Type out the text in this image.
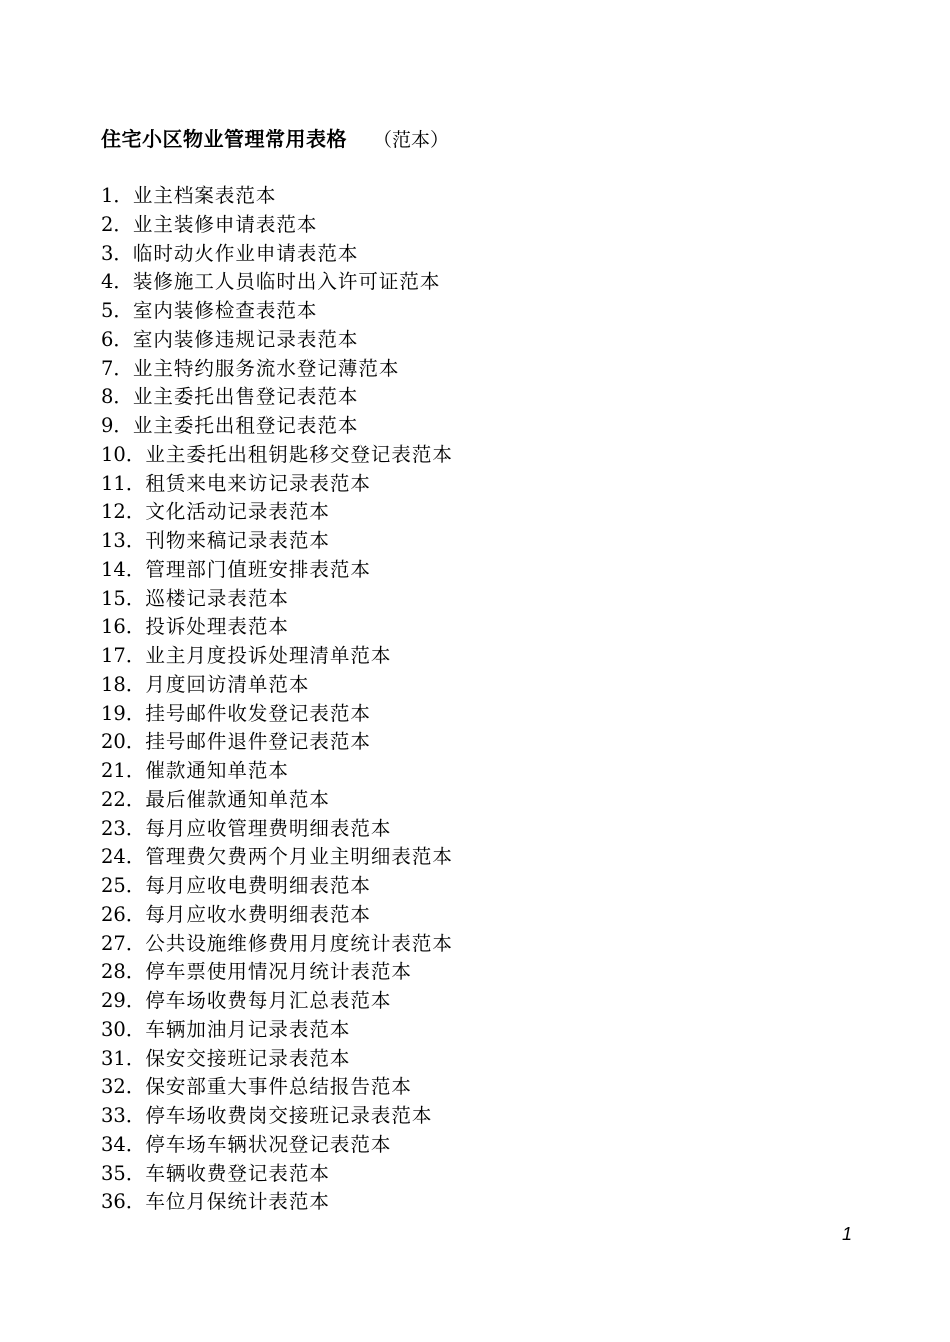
住宅小区物业管理常用表格 （范本）
1．业主档案表范本
2．业主装修申请表范本
3．临时动火作业申请表范本
4．装修施工人员临时出入许可证范本
5．室内装修检查表范本
6．室内装修违规记录表范本
7．业主特约服务流水登记薄范本
8．业主委托出售登记表范本
9．业主委托出租登记表范本
10．业主委托出租钥匙移交登记表范本
11．租赁来电来访记录表范本
12．文化活动记录表范本
13．刊物来稿记录表范本
14．管理部门值班安排表范本
15．巡楼记录表范本
16．投诉处理表范本
17．业主月度投诉处理清单范本
18．月度回访清单范本
19．挂号邮件收发登记表范本
20．挂号邮件退件登记表范本
21．催款通知单范本
22．最后催款通知单范本
23．每月应收管理费明细表范本
24．管理费欠费两个月业主明细表范本
25．每月应收电费明细表范本
26．每月应收水费明细表范本
27．公共设施维修费用月度统计表范本
28．停车票使用情况月统计表范本
29．停车场收费每月汇总表范本
30．车辆加油月记录表范本
31．保安交接班记录表范本
32．保安部重大事件总结报告范本
33．停车场收费岗交接班记录表范本
34．停车场车辆状况登记表范本
35．车辆收费登记表范本
36．车位月保统计表范本
1
